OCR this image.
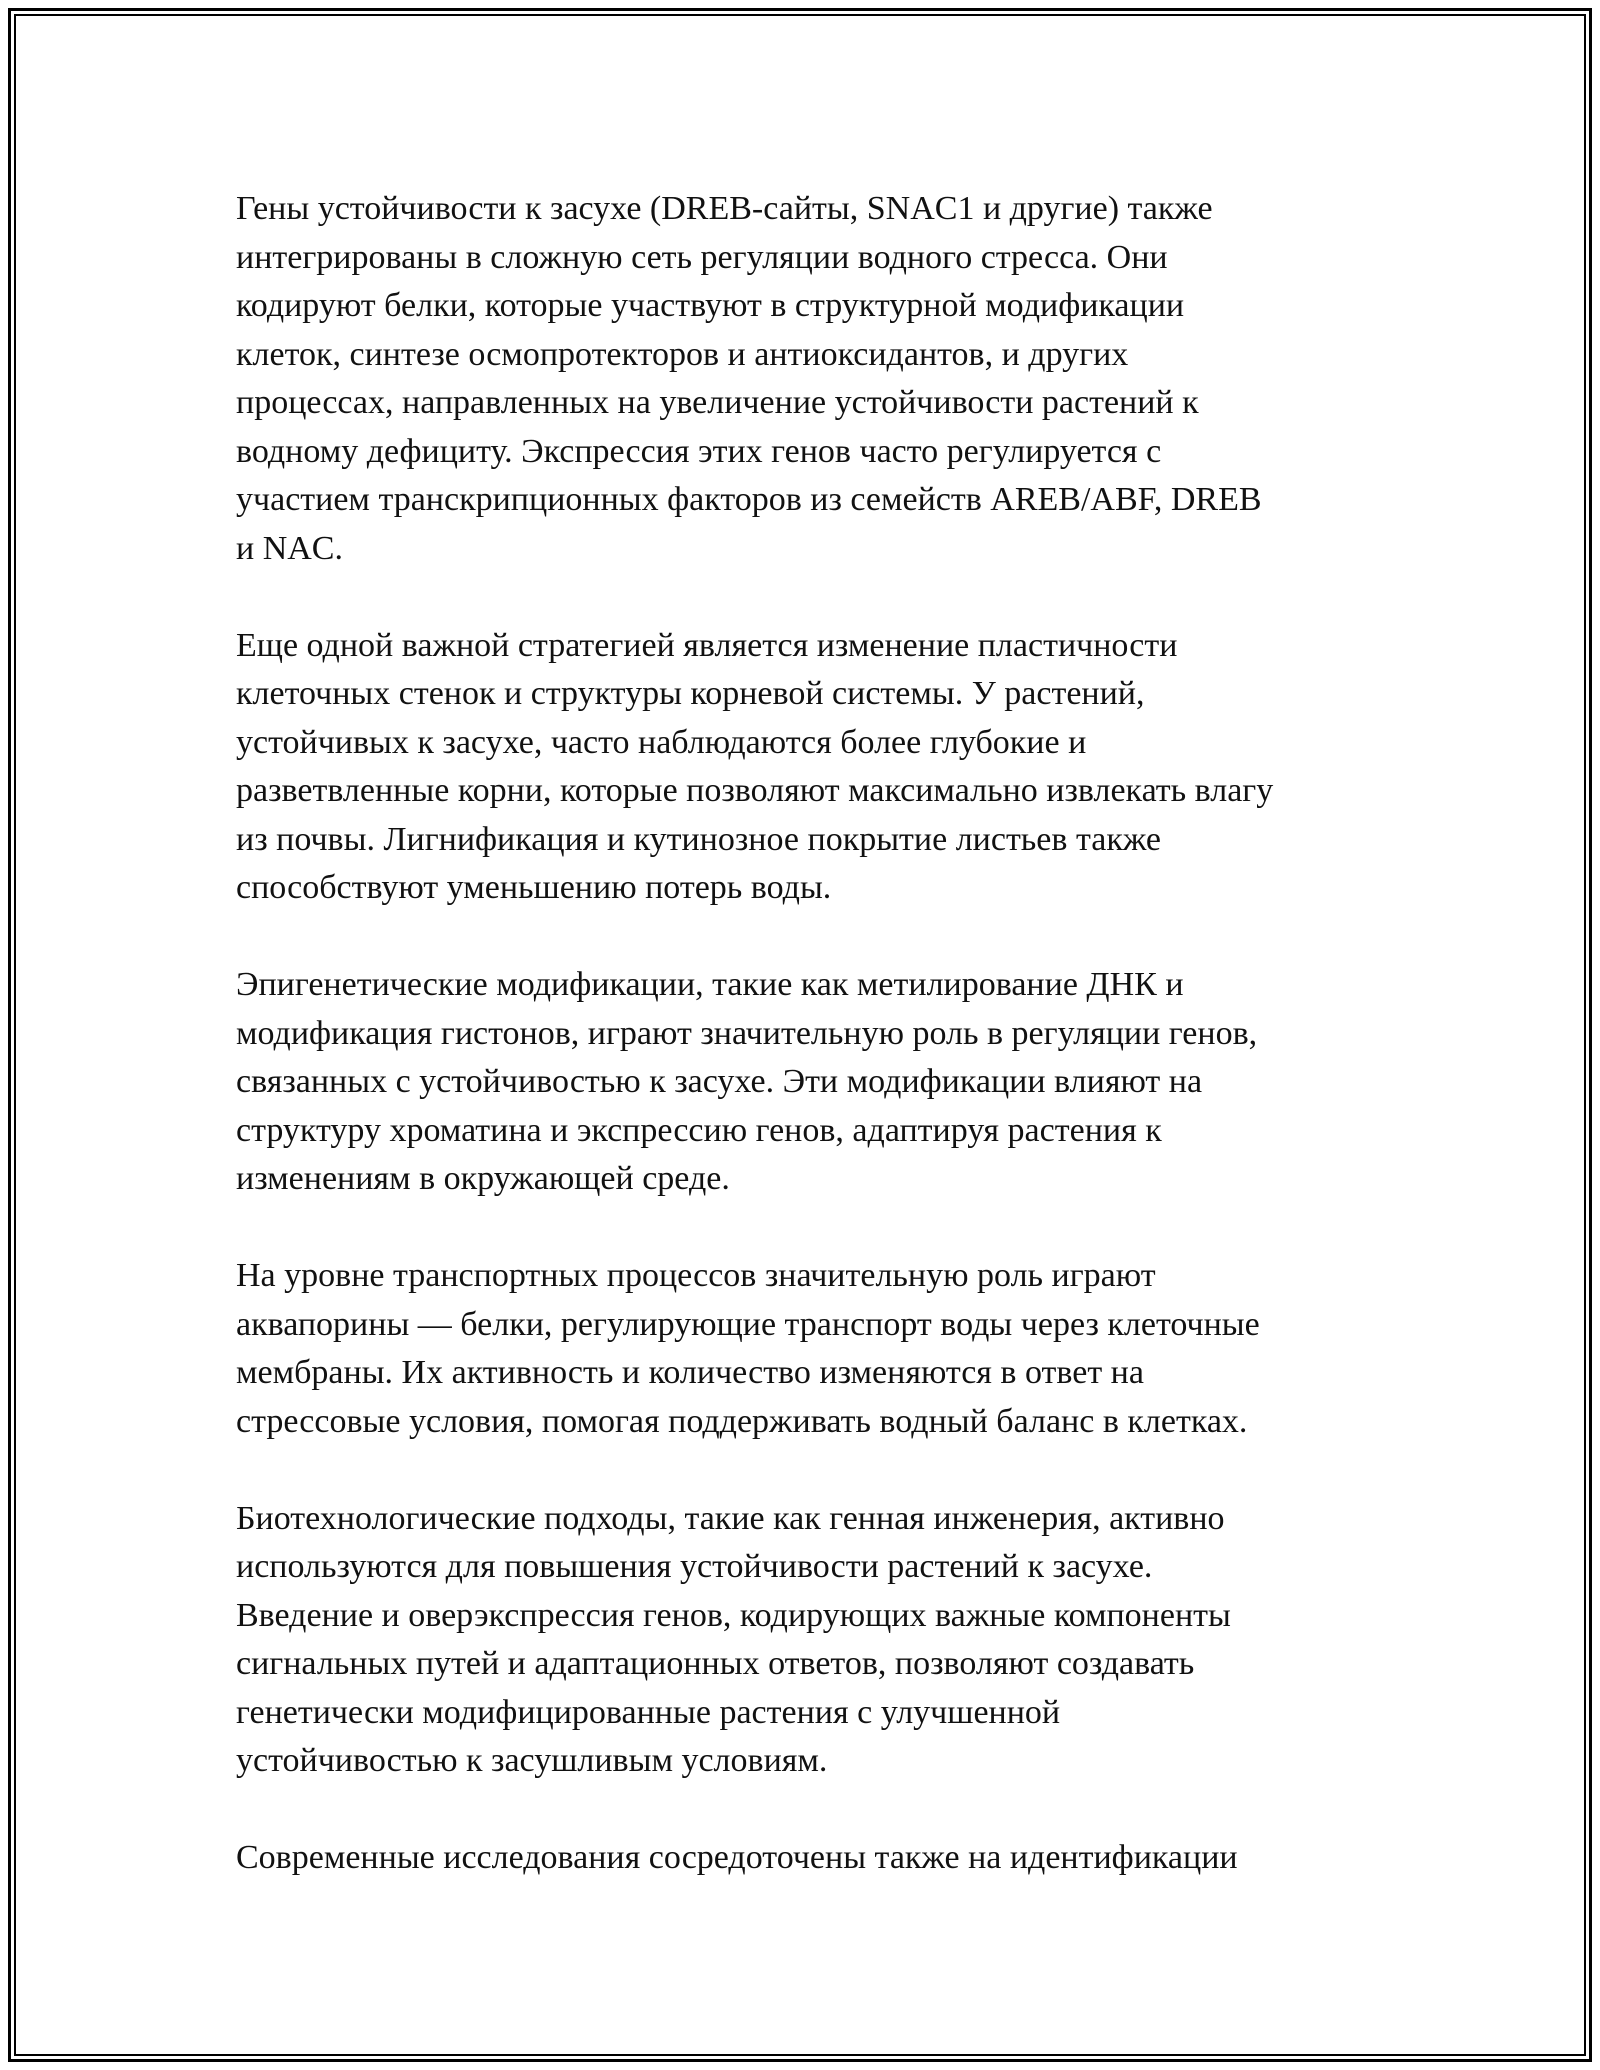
Гены устойчивости к засухе (DREB-сайты, SNAC1 и другие) также
интегрированы в сложную сеть регуляции водного стресса. Они
кодируют белки, которые участвуют в структурной модификации
клеток, синтезе осмопротекторов и антиоксидантов, и других
процессах, направленных на увеличение устойчивости растений к
водному дефициту. Экспрессия этих генов часто регулируется с
участием транскрипционных факторов из семейств AREB/ABF, DREB
и NAC.

Еще одной важной стратегией является изменение пластичности
клеточных стенок и структуры корневой системы. У растений,
устойчивых к засухе, часто наблюдаются более глубокие и
разветвленные корни, которые позволяют максимально извлекать влагу
из почвы. Лигнификация и кутинозное покрытие листьев также
способствуют уменьшению потерь воды.

Эпигенетические модификации, такие как метилирование ДНК и
модификация гистонов, играют значительную роль в регуляции генов,
связанных с устойчивостью к засухе. Эти модификации влияют на
структуру хроматина и экспрессию генов, адаптируя растения к
изменениям в окружающей среде.

На уровне транспортных процессов значительную роль играют
аквапорины — белки, регулирующие транспорт воды через клеточные
мембраны. Их активность и количество изменяются в ответ на
стрессовые условия, помогая поддерживать водный баланс в клетках.

Биотехнологические подходы, такие как генная инженерия, активно
используются для повышения устойчивости растений к засухе.
Введение и оверэкспрессия генов, кодирующих важные компоненты
сигнальных путей и адаптационных ответов, позволяют создавать
генетически модифицированные растения с улучшенной
устойчивостью к засушливым условиям.

Современные исследования сосредоточены также на идентификации
